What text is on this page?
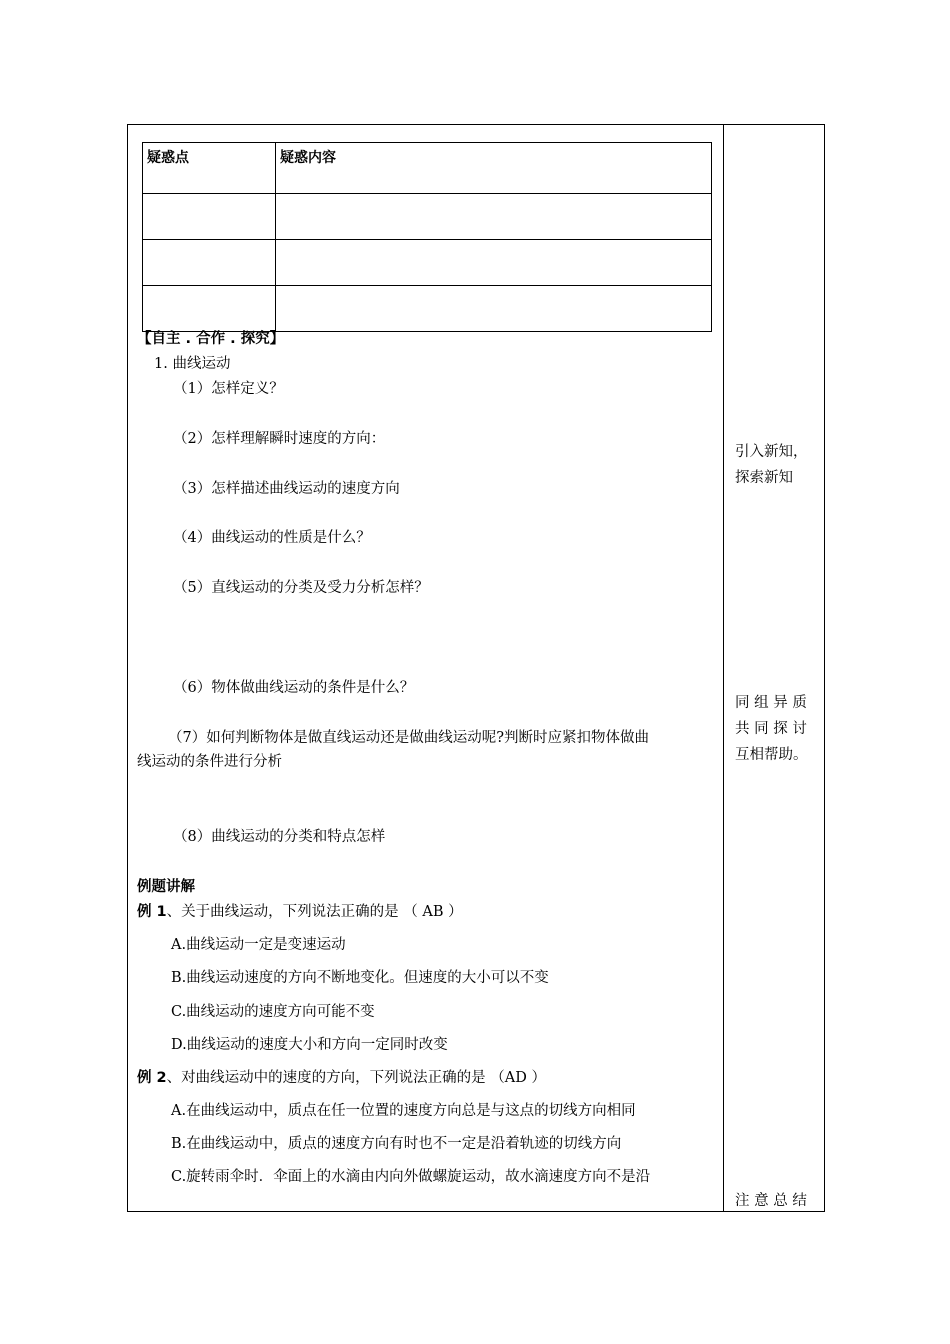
疑惑点	疑惑内容

【自主 . 合作 . 探究】
1. 曲线运动
（1）怎样定义？
（2）怎样理解瞬时速度的方向：
（3）怎样描述曲线运动的速度方向
（4）曲线运动的性质是什么？
（5）直线运动的分类及受力分析怎样？
（6）物体做曲线运动的条件是什么？
（7）如何判断物体是做直线运动还是做曲线运动呢?判断时应紧扣物体做曲
线运动的条件进行分析
（8）曲线运动的分类和特点怎样
例题讲解
例 1、关于曲线运动，下列说法正确的是 （ AB ）
A.曲线运动一定是变速运动
B.曲线运动速度的方向不断地变化。但速度的大小可以不变
C.曲线运动的速度方向可能不变
D.曲线运动的速度大小和方向一定同时改变
例 2、对曲线运动中的速度的方向，下列说法正确的是 （AD ）
A.在曲线运动中，质点在任一位置的速度方向总是与这点的切线方向相同
B.在曲线运动中，质点的速度方向有时也不一定是沿着轨迹的切线方向
C.旋转雨伞时．伞面上的水滴由内向外做螺旋运动，故水滴速度方向不是沿
引入新知，
探索新知
同 组 异 质
共 同 探 讨
互相帮助。
注 意 总 结
